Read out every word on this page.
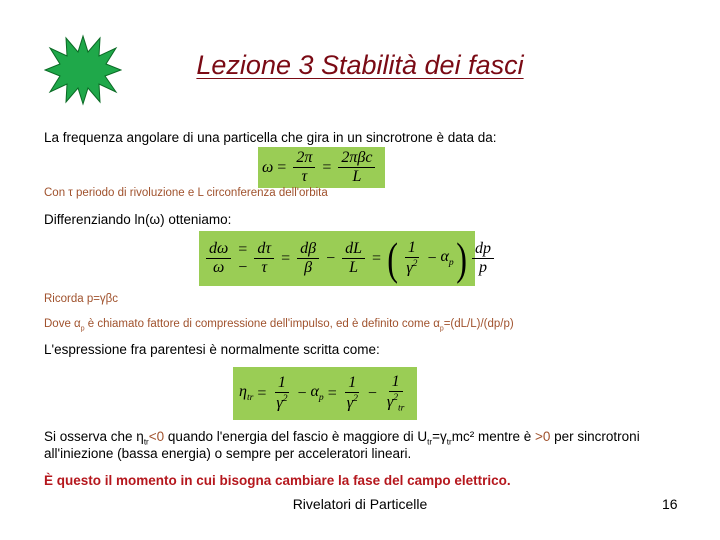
Lezione 3 Stabilità dei fasci
La frequenza angolare di una particella che gira in un sincrotrone è data da:
$\omega = \frac{2\pi}{\tau} = \frac{\text{2πβc}}{L}$
Con τ periodo di rivoluzione e L circonferenza dell'orbita
Differenziando ln(ω) otteniamo:
$\frac{d\omega}{\omega}$ = − $\frac{d\tau}{\tau} = \frac{d\beta}{\beta} - \frac{dL}{L}$ = ( $\frac{1}{\gamma^2} - \alpha_p$ ) $\frac{dp}{p}$
Ricorda p=γβc
Dove $\alpha_p$ è chiamato fattore di compressione dell'impulso, ed è definito come $\alpha_p=(dL/L)/(dp/p)$
L'espressione fra parentesi è normalmente scritta come:
$\eta_{tr} = \frac{1}{\gamma^2} - \alpha_p = \frac{1}{\gamma^2} - \frac{1}{\gamma^2_{tr}}$
Si osserva che $\eta_{tr}<0$ quando l'energia del fascio è maggiore di $U_{tr}=\gamma_{tr}mc^2$ mentre è >0 per sincrotroni
all'iniezione (bassa energia) o sempre per acceleratori lineari.
È questo il momento in cui bisogna cambiare la fase del campo elettrico.
Rivelatori di Particelle	16
